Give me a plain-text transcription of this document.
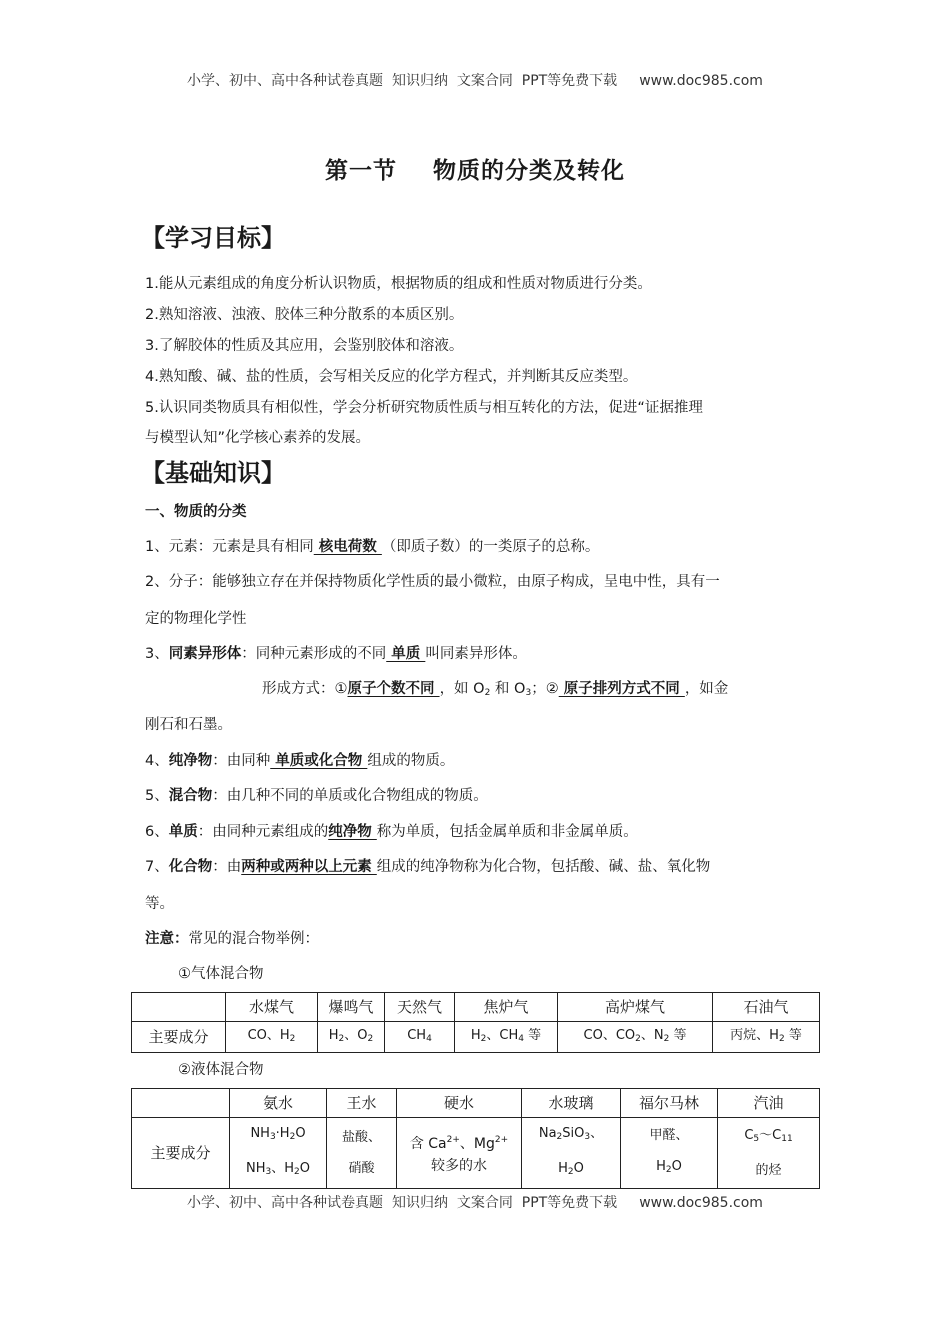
小学、初中、高中各种试卷真题  知识归纳  文案合同  PPT等免费下载 www.doc985.com
第一节    物质的分类及转化
【学习目标】
1.能从元素组成的角度分析认识物质，根据物质的组成和性质对物质进行分类。
2.熟知溶液、浊液、胶体三种分散系的本质区别。
3.了解胶体的性质及其应用，会鉴别胶体和溶液。
4.熟知酸、碱、盐的性质，会写相关反应的化学方程式，并判断其反应类型。
5.认识同类物质具有相似性，学会分析研究物质性质与相互转化的方法，促进“证据推理
与模型认知”化学核心素养的发展。
【基础知识】
一、物质的分类
1、元素：元素是具有相同 核电荷数 （即质子数）的一类原子的总称。
2、分子：能够独立存在并保持物质化学性质的最小微粒，由原子构成，呈电中性，具有一
定的物理化学性
3、同素异形体：同种元素形成的不同 单质 叫同素异形体。
形成方式：①原子个数不同 ，如 $O_2$ 和 $O_3$；② 原子排列方式不同 ，如金
刚石和石墨。
4、纯净物：由同种 单质或化合物 组成的物质。
5、混合物：由几种不同的单质或化合物组成的物质。
6、单质：由同种元素组成的纯净物 称为单质，包括金属单质和非金属单质。
7、化合物：由两种或两种以上元素 组成的纯净物称为化合物，包括酸、碱、盐、氧化物
等。
注意：常见的混合物举例：
①气体混合物
	水煤气	爆鸣气	天然气	焦炉气	高炉煤气	石油气
主要成分	CO、$H_2$	$H_2$、$O_2$	$CH_4$	$H_2$、$CH_4$ 等	CO、$CO_2$、$N_2$ 等	丙烷、$H_2$ 等
②液体混合物
	氨水	王水	硬水	水玻璃	福尔马林	汽油
主要成分	$NH_3\cdot H_2O$
$NH_3$、$H_2O$	盐酸、
硝酸	含 $Ca^{2+}$、$Mg^{2+}$
较多的水	$Na_2SiO_3$、
$H_2O$	甲醛、
$H_2O$	$C_5\sim C_{11}$
的烃
小学、初中、高中各种试卷真题  知识归纳  文案合同  PPT等免费下载 www.doc985.com
